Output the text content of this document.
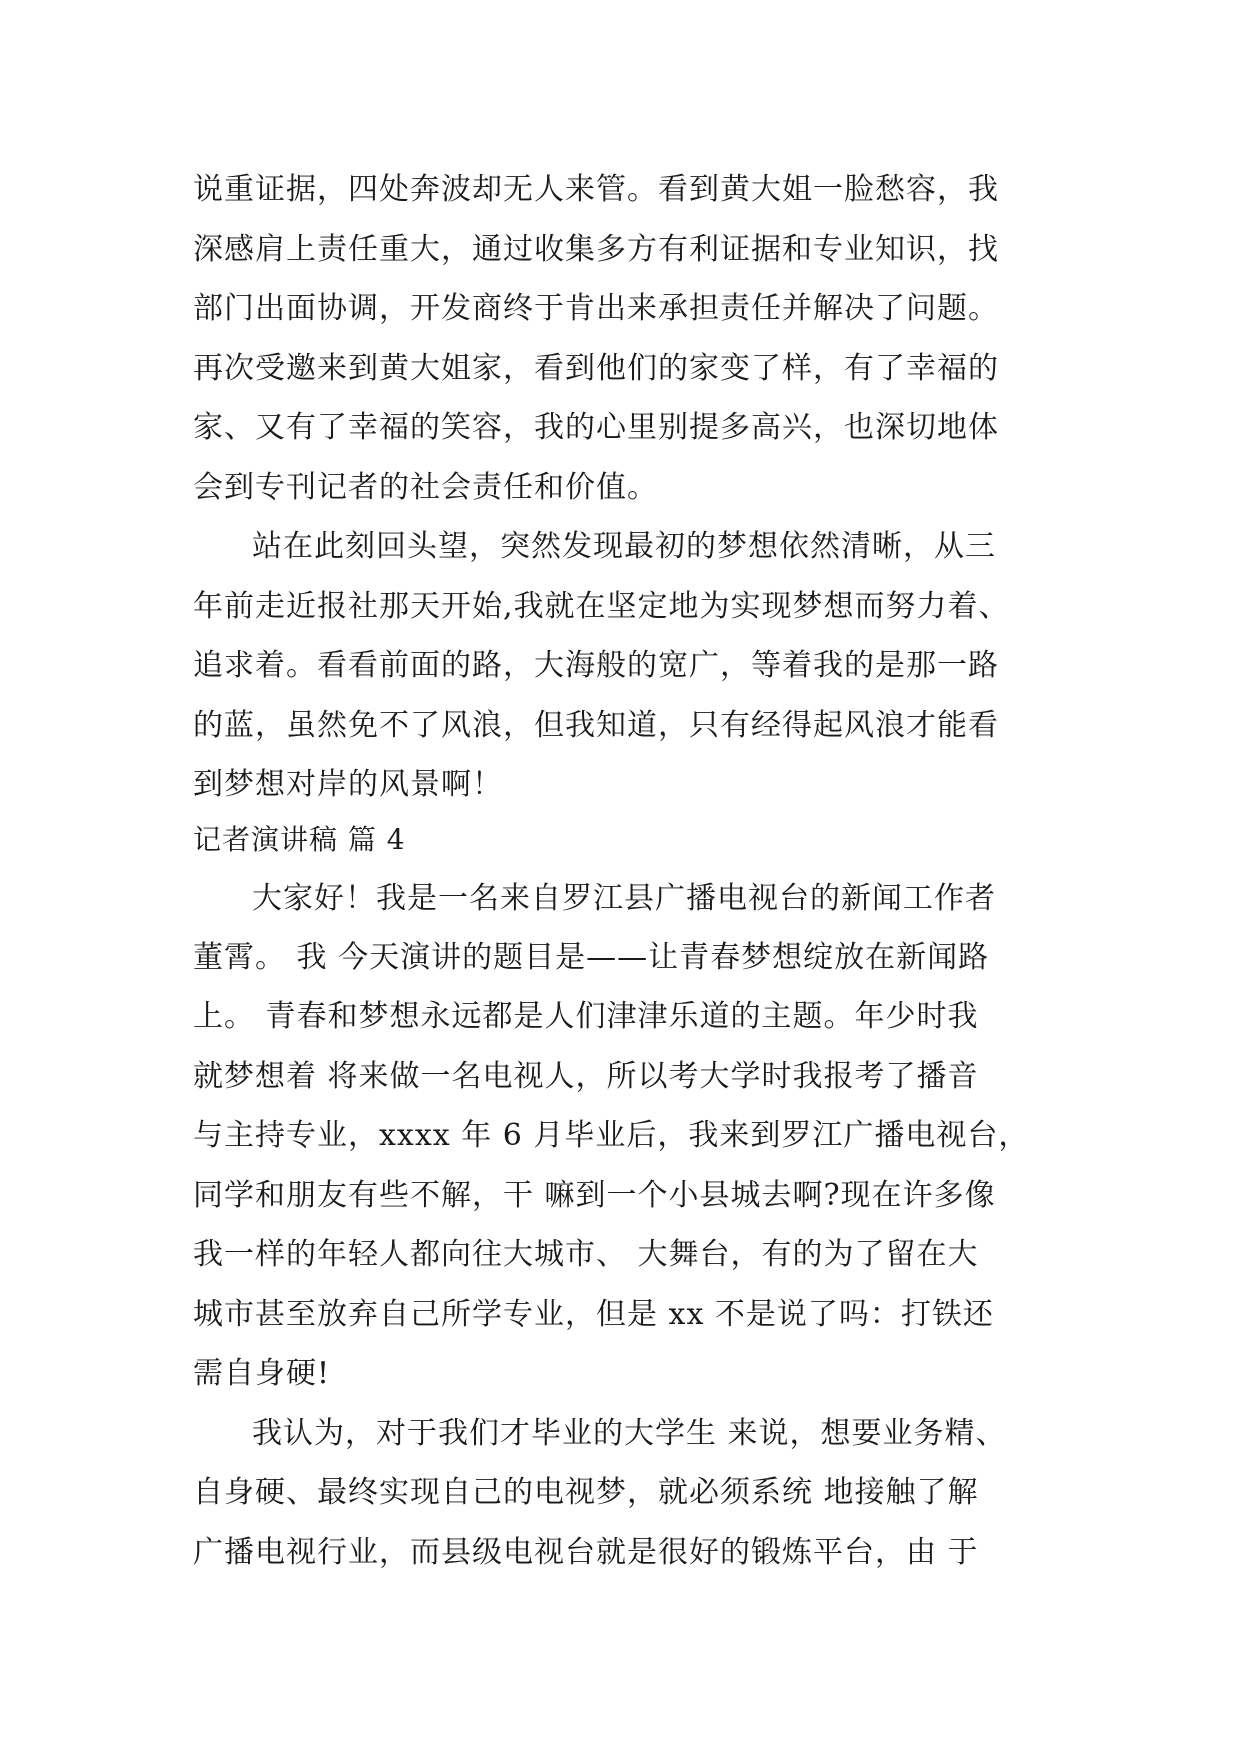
说重证据，四处奔波却无人来管。看到黄大姐一脸愁容，我
深感肩上责任重大，通过收集多方有利证据和专业知识，找
部门出面协调，开发商终于肯出来承担责任并解决了问题。
再次受邀来到黄大姐家，看到他们的家变了样，有了幸福的
家、又有了幸福的笑容，我的心里别提多高兴，也深切地体
会到专刊记者的社会责任和价值。
站在此刻回头望，突然发现最初的梦想依然清晰，从三
年前走近报社那天开始,我就在坚定地为实现梦想而努力着、
追求着。看看前面的路，大海般的宽广，等着我的是那一路
的蓝，虽然免不了风浪，但我知道，只有经得起风浪才能看
到梦想对岸的风景啊！
记者演讲稿 篇 4
大家好！我是一名来自罗江县广播电视台的新闻工作者
董霄。 我 今天演讲的题目是——让青春梦想绽放在新闻路
上。 青春和梦想永远都是人们津津乐道的主题。年少时我
就梦想着 将来做一名电视人，所以考大学时我报考了播音
与主持专业，xxxx 年 6 月毕业后，我来到罗江广播电视台，
同学和朋友有些不解，干 嘛到一个小县城去啊?现在许多像
我一样的年轻人都向往大城市、 大舞台，有的为了留在大
城市甚至放弃自己所学专业，但是 xx 不是说了吗：打铁还
需自身硬!
我认为，对于我们才毕业的大学生 来说，想要业务精、
自身硬、最终实现自己的电视梦，就必须系统 地接触了解
广播电视行业，而县级电视台就是很好的锻炼平台，由 于
